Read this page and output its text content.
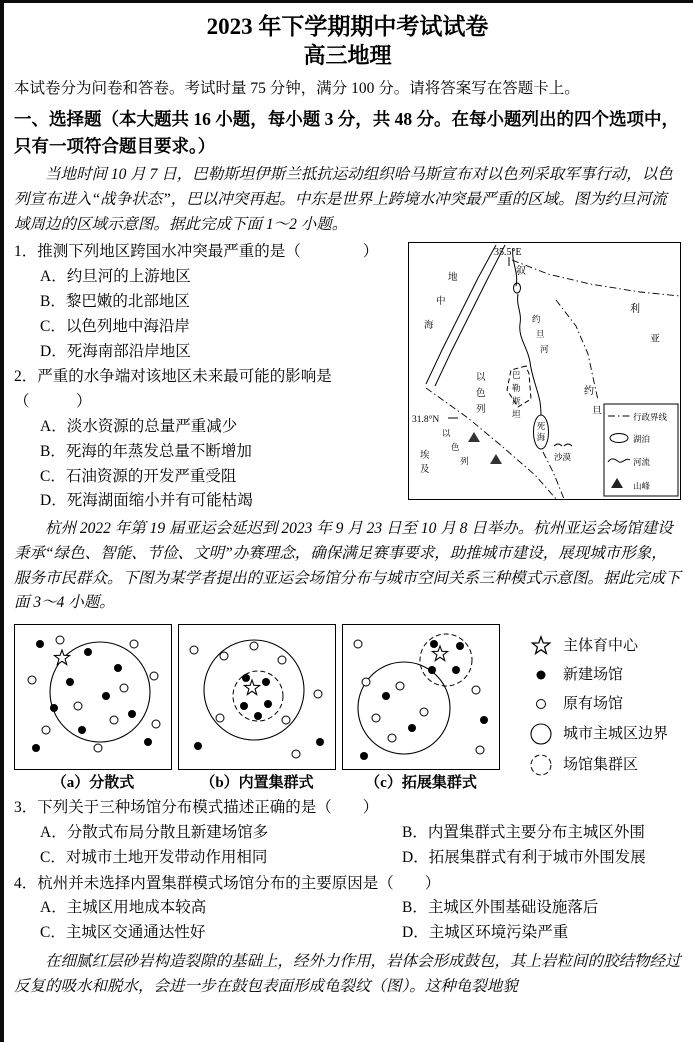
2023 年下学期期中考试试卷
高三地理

本试卷分为问卷和答卷。考试时量 75 分钟，满分 100 分。请将答案写在答题卡上。

一、选择题（本大题共 16 小题，每小题 3 分，共 48 分。在每小题列出的四个选项中，只有一项符合题目要求。）

当地时间 10 月 7 日，巴勒斯坦伊斯兰抵抗运动组织哈马斯宣布对以色列采取军事行动，以色列宣布进入“战争状态”，巴以冲突再起。中东是世界上跨境水冲突最严重的区域。图为约旦河流域周边的区域示意图。据此完成下面 1～2 小题。

35.5°E
地
中
海
约
旦
河
死
海
叙
利
亚
以
色
列
巴
勒
斯
坦
约
旦
埃
及
以
色
列	沙漠
31.8°N	行政界线
湖泊
河流
山峰
1．推测下列地区跨国水冲突最严重的是（　　　　）
A．约旦河的上游地区
B．黎巴嫩的北部地区
C．以色列地中海沿岸
D．死海南部沿岸地区
2．严重的水争端对该地区未来最可能的影响是（　　　）
A．淡水资源的总量严重减少
B．死海的年蒸发总量不断增加
C．石油资源的开发严重受阻
D．死海湖面缩小并有可能枯竭

杭州 2022 年第 19 届亚运会延迟到 2023 年 9 月 23 日至 10 月 8 日举办。杭州亚运会场馆建设秉承“绿色、智能、节俭、文明”办赛理念，确保满足赛事要求，助推城市建设，展现城市形象，服务市民群众。下图为某学者提出的亚运会场馆分布与城市空间关系三种模式示意图。据此完成下面 3～4 小题。

（a）分散式	（b）内置集群式	（c）拓展集群式
主体育中心
新建场馆
原有场馆
城市主城区边界
场馆集群区
3．下列关于三种场馆分布模式描述正确的是（　　）
A．分散式布局分散且新建场馆多	B．内置集群式主要分布主城区外围
C．对城市土地开发带动作用相同	D．拓展集群式有利于城市外围发展
4．杭州并未选择内置集群模式场馆分布的主要原因是（　　）
A．主城区用地成本较高	B．主城区外围基础设施落后
C．主城区交通通达性好	D．主城区环境污染严重

在细腻红层砂岩构造裂隙的基础上，经外力作用，岩体会形成鼓包，其上岩粒间的胶结物经过反复的吸水和脱水，会进一步在鼓包表面形成龟裂纹（图）。这种龟裂地貌
